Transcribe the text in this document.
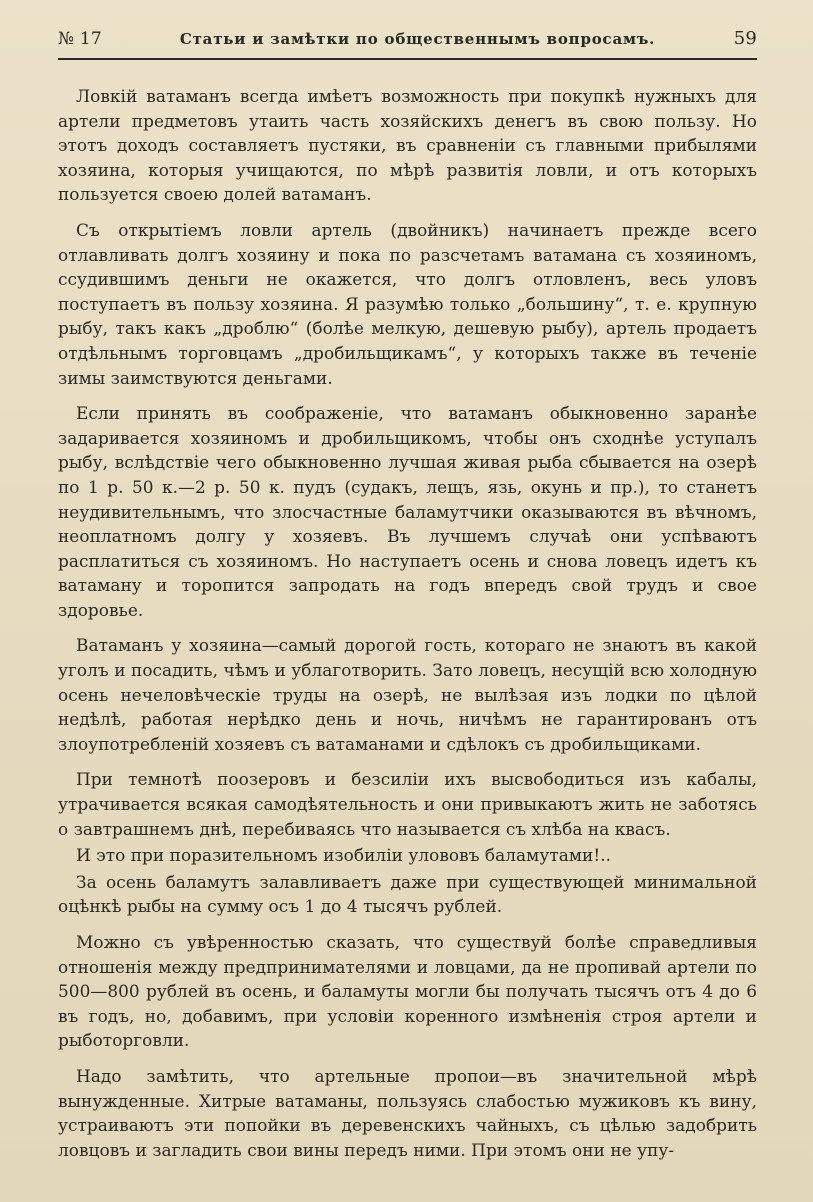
№ 17	Статьи и замѣтки по общественнымъ вопросамъ.	59

Ловкій ватаманъ всегда имѣетъ возможность при покупкѣ нужныхъ для артели предметовъ утаить часть хозяйскихъ денегъ въ свою пользу. Но этотъ доходъ составляетъ пустяки, въ сравненіи съ главными прибылями хозяина, которыя учищаются, по мѣрѣ развитія ловли, и отъ которыхъ пользуется своею долей ватаманъ.

Съ открытіемъ ловли артель (двойникъ) начинаетъ прежде всего отлавливать долгъ хозяину и пока по разсчетамъ ватамана съ хозяиномъ, ссудившимъ деньги не окажется, что долгъ отловленъ, весь уловъ поступаетъ въ пользу хозяина. Я разумѣю только „большину“, т. е. крупную рыбу, такъ какъ „дроблю“ (болѣе мелкую, дешевую рыбу), артель продаетъ отдѣльнымъ торговцамъ „дробильщикамъ“, у которыхъ также въ теченіе зимы заимствуются деньгами.

Если принять въ соображеніе, что ватаманъ обыкновенно заранѣе задаривается хозяиномъ и дробильщикомъ, чтобы онъ сходнѣе уступалъ рыбу, вслѣдствіе чего обыкновенно лучшая живая рыба сбывается на озерѣ по 1 р. 50 к.—2 р. 50 к. пудъ (судакъ, лещъ, язь, окунь и пр.), то станетъ неудивительнымъ, что злосчастные баламутчики оказываются въ вѣчномъ, неоплатномъ долгу у хозяевъ. Въ лучшемъ случаѣ они успѣваютъ расплатиться съ хозяиномъ. Но наступаетъ осень и снова ловецъ идетъ къ ватаману и торопится запродать на годъ впередъ свой трудъ и свое здоровье.

Ватаманъ у хозяина—самый дорогой гость, котораго не знаютъ въ какой уголъ и посадить, чѣмъ и ублаготворить. Зато ловецъ, несущій всю холодную осень нечеловѣческіе труды на озерѣ, не вылѣзая изъ лодки по цѣлой недѣлѣ, работая нерѣдко день и ночь, ничѣмъ не гарантированъ отъ злоупотребленій хозяевъ съ ватаманами и сдѣлокъ съ дробильщиками.

При темнотѣ поозеровъ и безсилiи ихъ высвободиться изъ кабалы, утрачивается всякая самодѣятельность и они привыкаютъ жить не заботясь о завтрашнемъ днѣ, перебиваясь что называется съ хлѣба на квасъ.

И это при поразительномъ изобиліи улововъ баламутами!..

За осень баламутъ залавливаетъ даже при существующей минимальной оцѣнкѣ рыбы на сумму осъ 1 до 4 тысячъ рублей.

Можно съ увѣренностью сказать, что существуй болѣе справедливыя отношенія между предпринимателями и ловцами, да не пропивай артели по 500—800 рублей въ осень, и баламуты могли бы получать тысячъ отъ 4 до 6 въ годъ, но, добавимъ, при условіи коренного измѣненія строя артели и рыботорговли.

Надо замѣтить, что артельные пропои—въ значительной мѣрѣ вынужденные. Хитрые ватаманы, пользуясь слабостью мужиковъ къ вину, устраиваютъ эти попойки въ деревенскихъ чайныхъ, съ цѣлью задобрить ловцовъ и загладить свои вины передъ ними. При этомъ они не упу-
